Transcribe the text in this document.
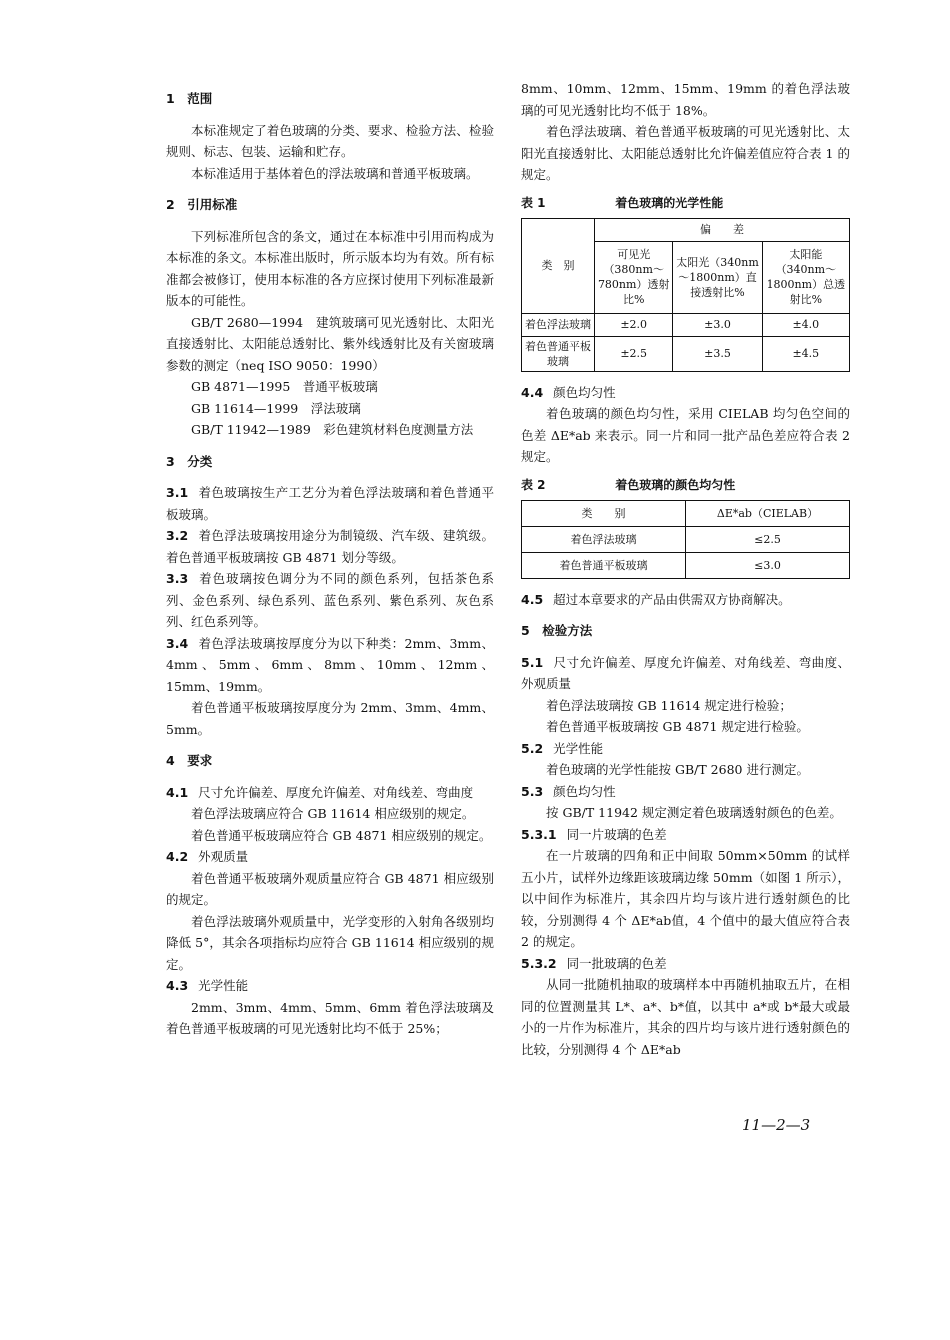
1　范围

本标准规定了着色玻璃的分类、要求、检验方法、检验规则、标志、包装、运输和贮存。

本标准适用于基体着色的浮法玻璃和普通平板玻璃。

2　引用标准

下列标准所包含的条文，通过在本标准中引用而构成为本标准的条文。本标准出版时，所示版本均为有效。所有标准都会被修订，使用本标准的各方应探讨使用下列标准最新版本的可能性。

GB/T 2680—1994　建筑玻璃可见光透射比、太阳光直接透射比、太阳能总透射比、紫外线透射比及有关窗玻璃参数的测定（neq ISO 9050：1990）

GB 4871—1995　普通平板玻璃

GB 11614—1999　浮法玻璃

GB/T 11942—1989　彩色建筑材料色度测量方法

3　分类

3.1 着色玻璃按生产工艺分为着色浮法玻璃和着色普通平板玻璃。

3.2 着色浮法玻璃按用途分为制镜级、汽车级、建筑级。着色普通平板玻璃按 GB 4871 划分等级。

3.3 着色玻璃按色调分为不同的颜色系列，包括茶色系列、金色系列、绿色系列、蓝色系列、紫色系列、灰色系列、红色系列等。

3.4 着色浮法玻璃按厚度分为以下种类：2mm、3mm、4mm、5mm、6mm、8mm、10mm、12mm、15mm、19mm。

着色普通平板玻璃按厚度分为 2mm、3mm、4mm、5mm。

4　要求

4.1 尺寸允许偏差、厚度允许偏差、对角线差、弯曲度

着色浮法玻璃应符合 GB 11614 相应级别的规定。

着色普通平板玻璃应符合 GB 4871 相应级别的规定。

4.2 外观质量

着色普通平板玻璃外观质量应符合 GB 4871 相应级别的规定。

着色浮法玻璃外观质量中，光学变形的入射角各级别均降低 5°，其余各项指标均应符合 GB 11614 相应级别的规定。

4.3 光学性能

2mm、3mm、4mm、5mm、6mm 着色浮法玻璃及着色普通平板玻璃的可见光透射比均不低于 25%；

8mm、10mm、12mm、15mm、19mm 的着色浮法玻璃的可见光透射比均不低于 18%。

着色浮法玻璃、着色普通平板玻璃的可见光透射比、太阳光直接透射比、太阳能总透射比允许偏差值应符合表 1 的规定。

表 1	着色玻璃的光学性能
类　别	偏　　差		
	可见光（380nm～780nm）透射比%	太阳光（340nm～1800nm）直接透射比%	太阳能（340nm～1800nm）总透射比%
着色浮法玻璃	±2.0	±3.0	±4.0
着色普通平板玻璃	±2.5	±3.5	±4.5

4.4 颜色均匀性

着色玻璃的颜色均匀性，采用 CIELAB 均匀色空间的色差 ΔE*ab 来表示。同一片和同一批产品色差应符合表 2 规定。

表 2	着色玻璃的颜色均匀性
类　　别	ΔE*ab（CIELAB）
着色浮法玻璃	≤2.5
着色普通平板玻璃	≤3.0

4.5 超过本章要求的产品由供需双方协商解决。

5　检验方法

5.1 尺寸允许偏差、厚度允许偏差、对角线差、弯曲度、外观质量

着色浮法玻璃按 GB 11614 规定进行检验；

着色普通平板玻璃按 GB 4871 规定进行检验。

5.2 光学性能

着色玻璃的光学性能按 GB/T 2680 进行测定。

5.3 颜色均匀性

按 GB/T 11942 规定测定着色玻璃透射颜色的色差。

5.3.1 同一片玻璃的色差

在一片玻璃的四角和正中间取 50mm×50mm 的试样五小片，试样外边缘距该玻璃边缘 50mm（如图 1 所示），以中间作为标准片，其余四片均与该片进行透射颜色的比较，分别测得 4 个 ΔE*ab值，4 个值中的最大值应符合表 2 的规定。

5.3.2 同一批玻璃的色差

从同一批随机抽取的玻璃样本中再随机抽取五片，在相同的位置测量其 L*、a*、b*值，以其中 a*或 b*最大或最小的一片作为标准片，其余的四片均与该片进行透射颜色的比较，分别测得 4 个 ΔE*ab

11—2—3
